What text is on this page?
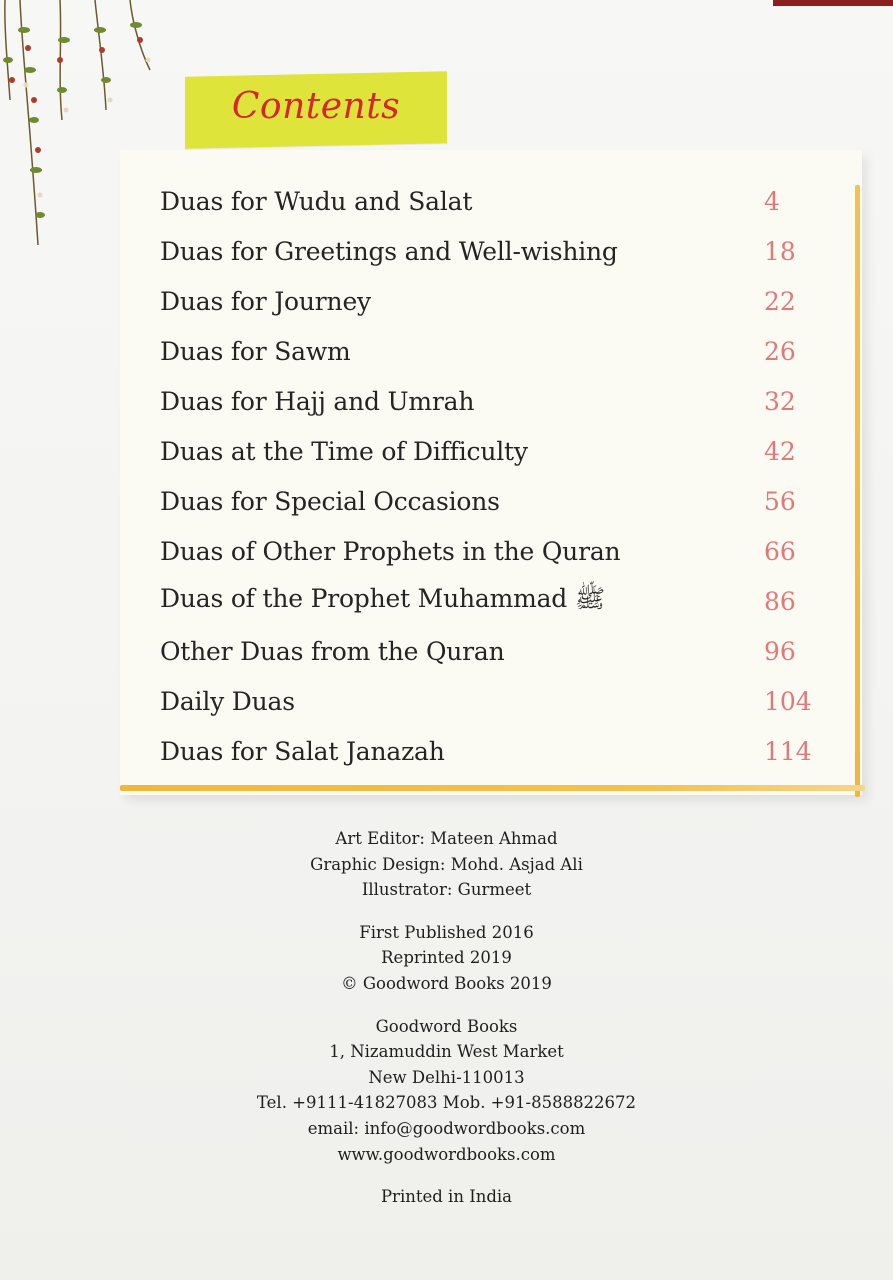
Contents
Duas for Wudu and Salat	4
Duas for Greetings and Well-wishing	18
Duas for Journey	22
Duas for Sawm	26
Duas for Hajj and Umrah	32
Duas at the Time of Difficulty	42
Duas for Special Occasions	56
Duas of Other Prophets in the Quran	66
Duas of the Prophet Muhammad ﷺ	86
Other Duas from the Quran	96
Daily Duas	104
Duas for Salat Janazah	114
Art Editor: Mateen Ahmad
Graphic Design: Mohd. Asjad Ali
Illustrator: Gurmeet
First Published 2016
Reprinted 2019
© Goodword Books 2019
Goodword Books
1, Nizamuddin West Market
New Delhi-110013
Tel. +9111-41827083 Mob. +91-8588822672
email: info@goodwordbooks.com
www.goodwordbooks.com
Printed in India
